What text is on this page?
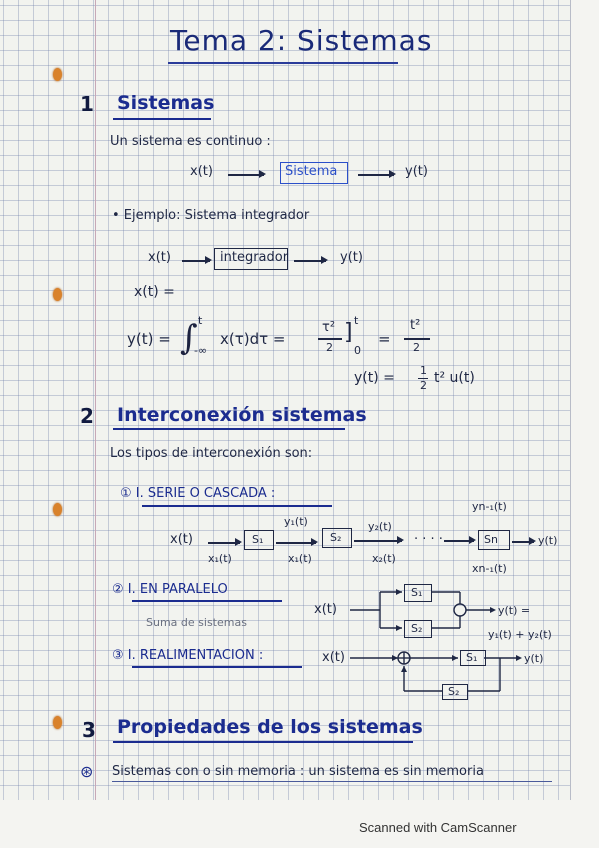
Tema 2: Sistemas
1 Sistemas
Un sistema es continuo :
x(t)	Sistema	y(t)
• Ejemplo: Sistema integrador
x(t)	integrador	y(t)
x(t) =
y(t) = ∫ t
-∞
x(τ)dτ =
τ²
2
] t
0
=
t²
2
y(t) = 1
2 t² u(t)
2 Interconexión sistemas
Los tipos de interconexión son:
① I. SERIE O CASCADA :
yn-₁(t)
y₁(t)	y₂(t)
x(t)	S₁	S₂	· · · ·	Sn	y(t)
x₁(t)	x₁(t)	x₂(t)
xn-₁(t)
② I. EN PARALELO
Suma de sistemas
x(t)
S₁
S₂
y(t) =
y₁(t) + y₂(t)
③ I. REALIMENTACION :	x(t)	S₁
S₂
y(t)
3 Propiedades de los sistemas
⊛ Sistemas con o sin memoria : un sistema es sin memoria
Scanned with CamScanner
